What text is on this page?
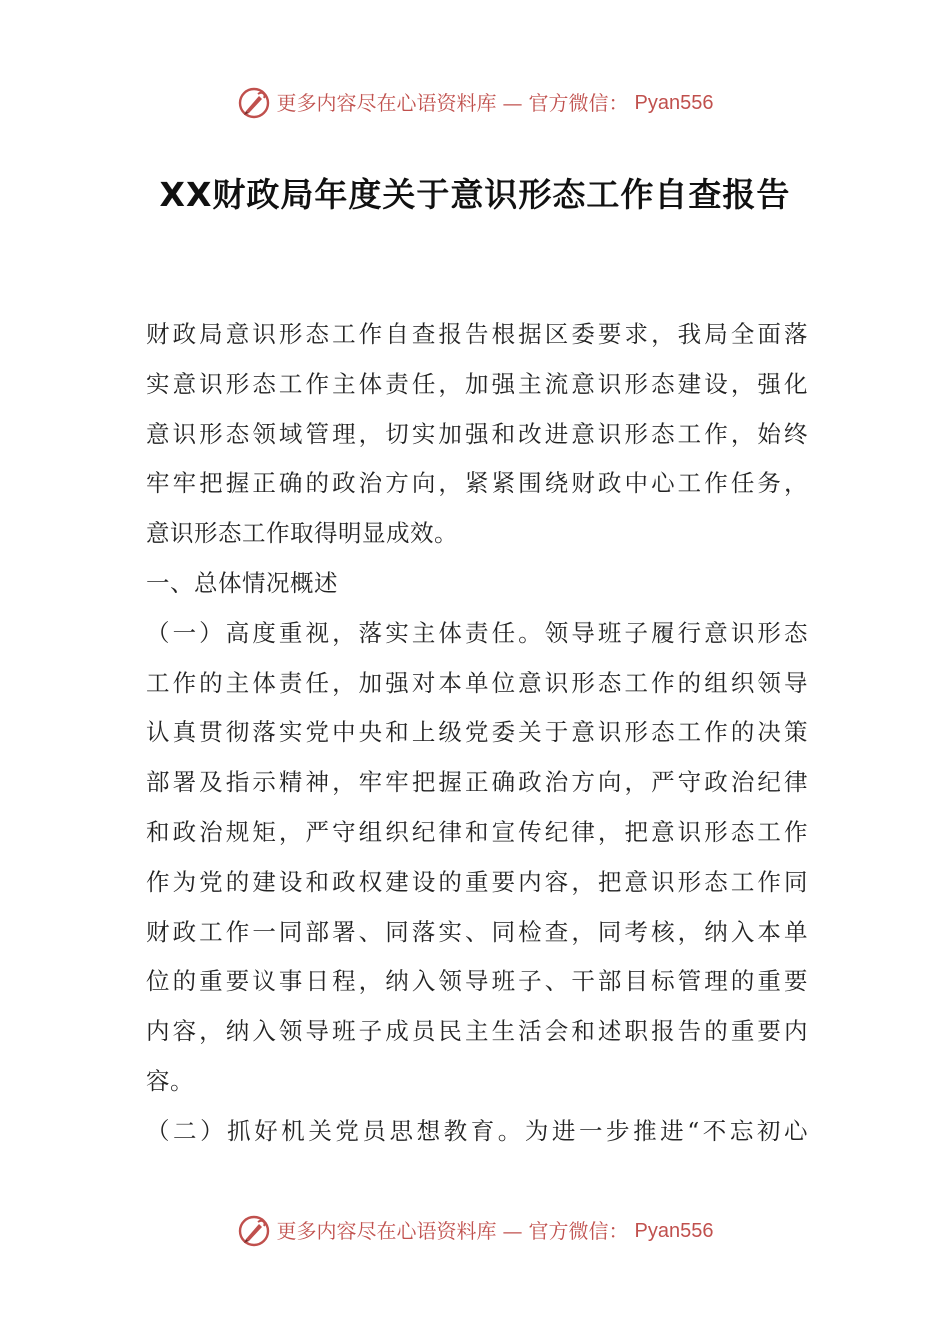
更多内容尽在心语资料库 — 官方微信： Pyan556
XX财政局年度关于意识形态工作自查报告
财政局意识形态工作自查报告根据区委要求，我局全面落
实意识形态工作主体责任，加强主流意识形态建设，强化
意识形态领域管理，切实加强和改进意识形态工作，始终
牢牢把握正确的政治方向，紧紧围绕财政中心工作任务，
意识形态工作取得明显成效。
一、总体情况概述
（一）高度重视，落实主体责任。领导班子履行意识形态
工作的主体责任，加强对本单位意识形态工作的组织领导
认真贯彻落实党中央和上级党委关于意识形态工作的决策
部署及指示精神，牢牢把握正确政治方向，严守政治纪律
和政治规矩，严守组织纪律和宣传纪律，把意识形态工作
作为党的建设和政权建设的重要内容，把意识形态工作同
财政工作一同部署、同落实、同检查，同考核，纳入本单
位的重要议事日程，纳入领导班子、干部目标管理的重要
内容，纳入领导班子成员民主生活会和述职报告的重要内
容。
（二）抓好机关党员思想教育。为进一步推进“不忘初心
更多内容尽在心语资料库 — 官方微信： Pyan556
